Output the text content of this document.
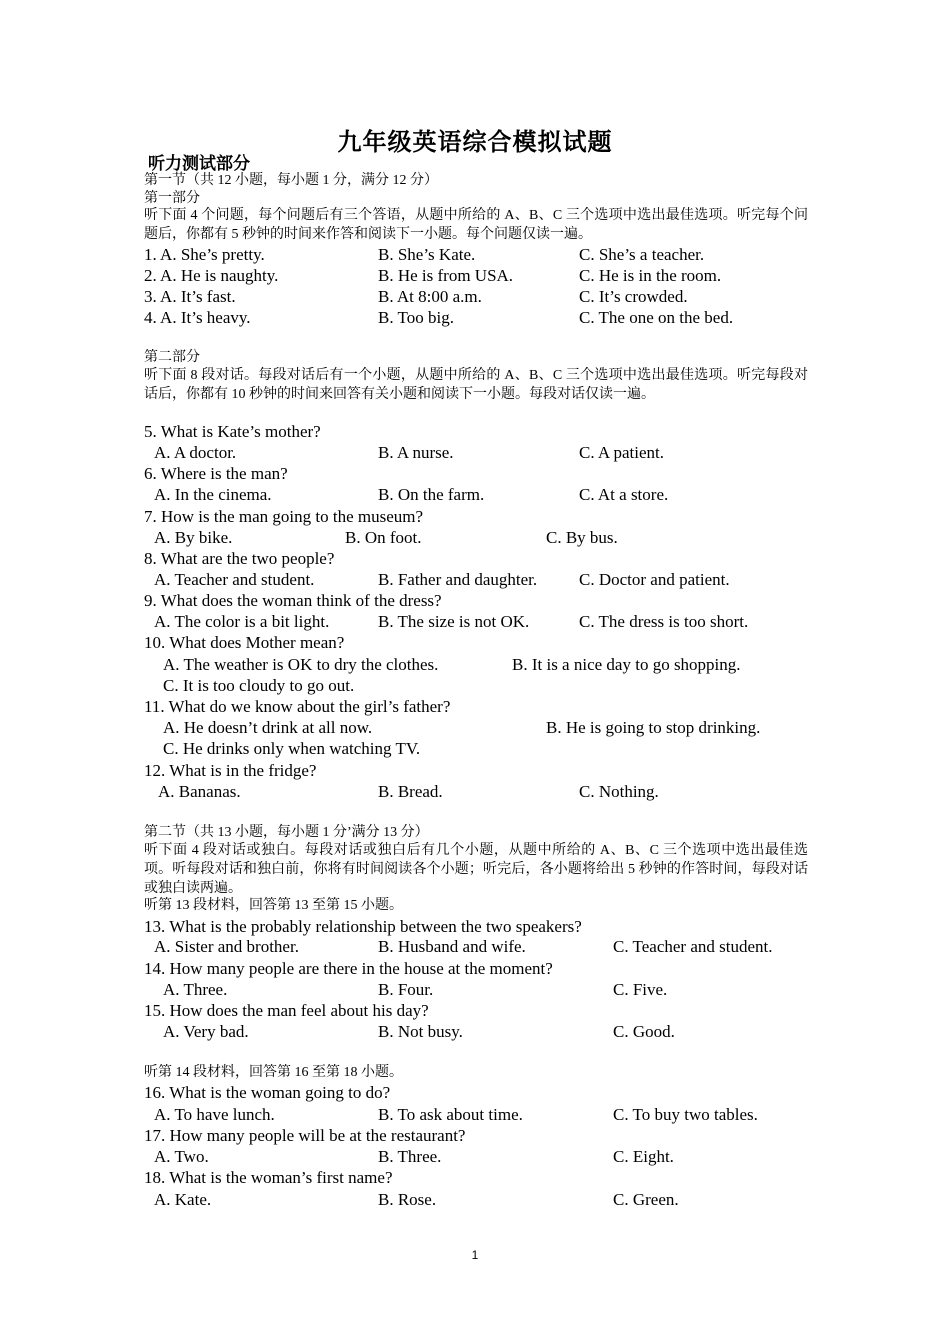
九年级英语综合模拟试题
听力测试部分
第一节（共 12 小题，每小题 1 分，满分 12 分）
第一部分
听下面 4 个问题，每个问题后有三个答语，从题中所给的 A、B、C 三个选项中选出最佳选项。听完每个问题后，你都有 5 秒钟的时间来作答和阅读下一小题。每个问题仅读一遍。
1. A. She’s pretty.	B. She’s Kate.	C. She’s a teacher.
2. A. He is naughty.	B. He is from USA.	C. He is in the room.
3. A. It’s fast.	B. At 8:00 a.m.	C. It’s crowded.
4. A. It’s heavy.	B. Too big.	C. The one on the bed.
第二部分
听下面 8 段对话。每段对话后有一个小题，从题中所给的 A、B、C 三个选项中选出最佳选项。听完每段对话后，你都有 10 秒钟的时间来回答有关小题和阅读下一小题。每段对话仅读一遍。
5. What is Kate’s mother?
A. A doctor.	B. A nurse.	C. A patient.
6. Where is the man?
A. In the cinema.	B. On the farm.	C. At a store.
7. How is the man going to the museum?
A. By bike.	B. On foot.	C. By bus.
8. What are the two people?
A. Teacher and student.	B. Father and daughter. C. Doctor and patient.
9. What does the woman think of the dress?
A. The color is a bit light.	B. The size is not OK.	C. The dress is too short.
10. What does Mother mean?
A. The weather is OK to dry the clothes.	B. It is a nice day to go shopping.
C. It is too cloudy to go out.
11. What do we know about the girl’s father?
A. He doesn’t drink at all now.	B. He is going to stop drinking.
C. He drinks only when watching TV.
12. What is in the fridge?
A. Bananas.	B. Bread.	C. Nothing.
第二节（共 13 小题，每小题 1 分’满分 13 分）
听下面 4 段对话或独白。每段对话或独白后有几个小题，从题中所给的 A、B、C 三个选项中选出最佳选项。听每段对话和独白前，你将有时间阅读各个小题；听完后，各小题将给出 5 秒钟的作答时间，每段对话或独白读两遍。
听第 13 段材料，回答第 13 至第 15 小题。
13. What is the probably relationship between the two speakers?
A. Sister and brother.	B. Husband and wife.	C. Teacher and student.
14. How many people are there in the house at the moment?
A. Three.	B. Four.	C. Five.
15. How does the man feel about his day?
A. Very bad.	B. Not busy.	C. Good.
听第 14 段材料，回答第 16 至第 18 小题。
16. What is the woman going to do?
A. To have lunch.	B. To ask about time.	C. To buy two tables.
17. How many people will be at the restaurant?
A. Two.	B. Three.	C. Eight.
18. What is the woman’s first name?
A. Kate.	B. Rose.	C. Green.
1
